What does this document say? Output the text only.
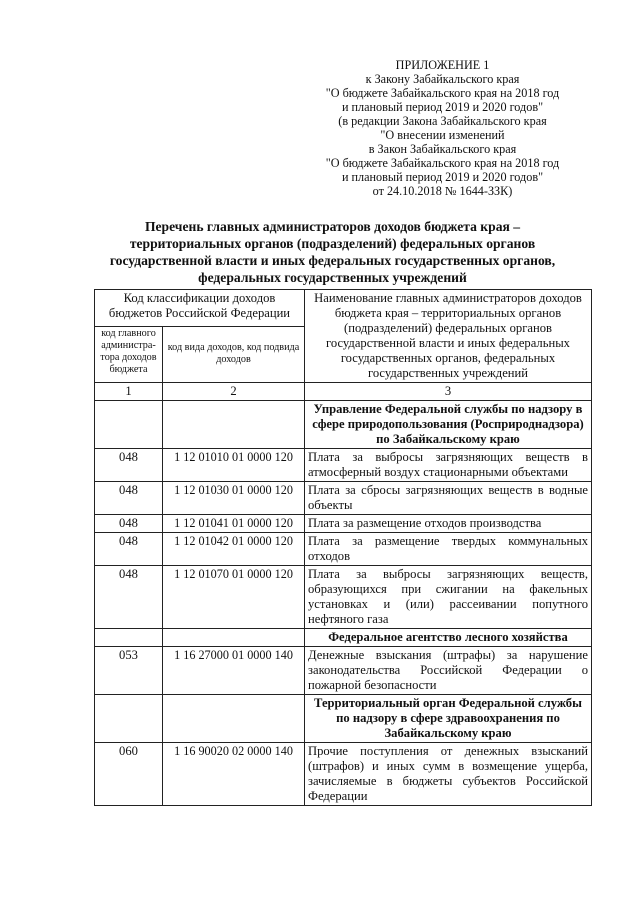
ПРИЛОЖЕНИЕ 1
к Закону Забайкальского края
"О бюджете Забайкальского края на 2018 год
и плановый период 2019 и 2020 годов"
(в редакции Закона Забайкальского края
"О внесении изменений
в Закон Забайкальского края
"О бюджете Забайкальского края на 2018 год
и плановый период 2019 и 2020 годов"
от 24.10.2018 № 1644-ЗЗК)
Перечень главных администраторов доходов бюджета края –
территориальных органов (подразделений) федеральных органов
государственной власти и иных федеральных государственных органов,
федеральных государственных учреждений
Код классификации доходов бюджетов Российской Федерации		Наименование главных администраторов доходов бюджета края – территориальных органов (подразделений) федеральных органов государственной власти и иных федеральных государственных органов, федеральных государственных учреждений
код главного администра-тора доходов бюджета	код вида доходов, код подвида доходов	
1	2	3
		Управление Федеральной службы по надзору в сфере природопользования (Росприроднадзора) по Забайкальскому краю
048	1 12 01010 01 0000 120	Плата за выбросы загрязняющих веществ в атмосферный воздух стационарными объектами
048	1 12 01030 01 0000 120	Плата за сбросы загрязняющих веществ в водные объекты
048	1 12 01041 01 0000 120	Плата за размещение отходов производства
048	1 12 01042 01 0000 120	Плата за размещение твердых коммунальных отходов
048	1 12 01070 01 0000 120	Плата за выбросы загрязняющих веществ, образующихся при сжигании на факельных установках и (или) рассеивании попутного нефтяного газа
		Федеральное агентство лесного хозяйства
053	1 16 27000 01 0000 140	Денежные взыскания (штрафы) за нарушение законодательства Российской Федерации о пожарной безопасности
		Территориальный орган Федеральной службы по надзору в сфере здравоохранения по Забайкальскому краю
060	1 16 90020 02 0000 140	Прочие поступления от денежных взысканий (штрафов) и иных сумм в возмещение ущерба, зачисляемые в бюджеты субъектов Российской Федерации
